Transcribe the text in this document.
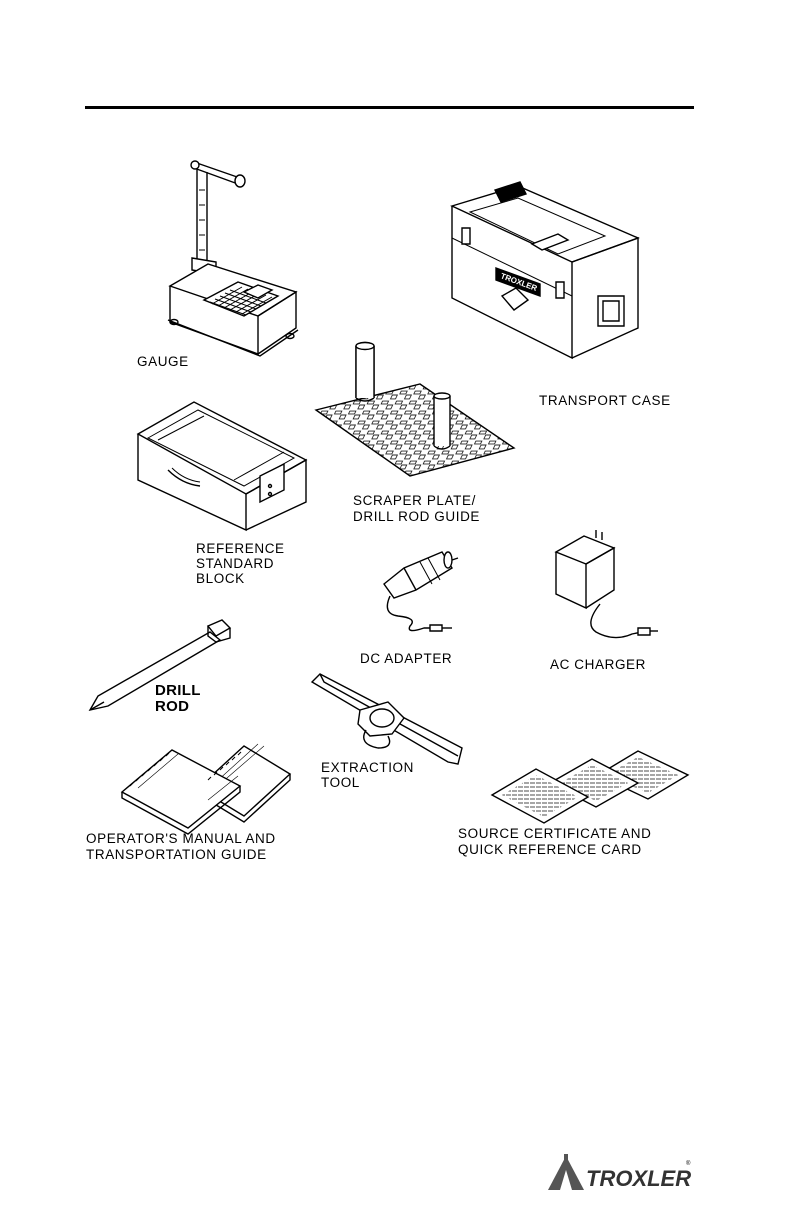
GAUGE
TROXLER
TRANSPORT CASE
SCRAPER PLATE/
DRILL ROD GUIDE
REFERENCE
STANDARD
BLOCK
DC ADAPTER	AC CHARGER
DRILL
ROD
EXTRACTION
TOOL
OPERATOR'S MANUAL AND
TRANSPORTATION GUIDE
SOURCE CERTIFICATE AND
QUICK REFERENCE CARD
TROXLER
®
